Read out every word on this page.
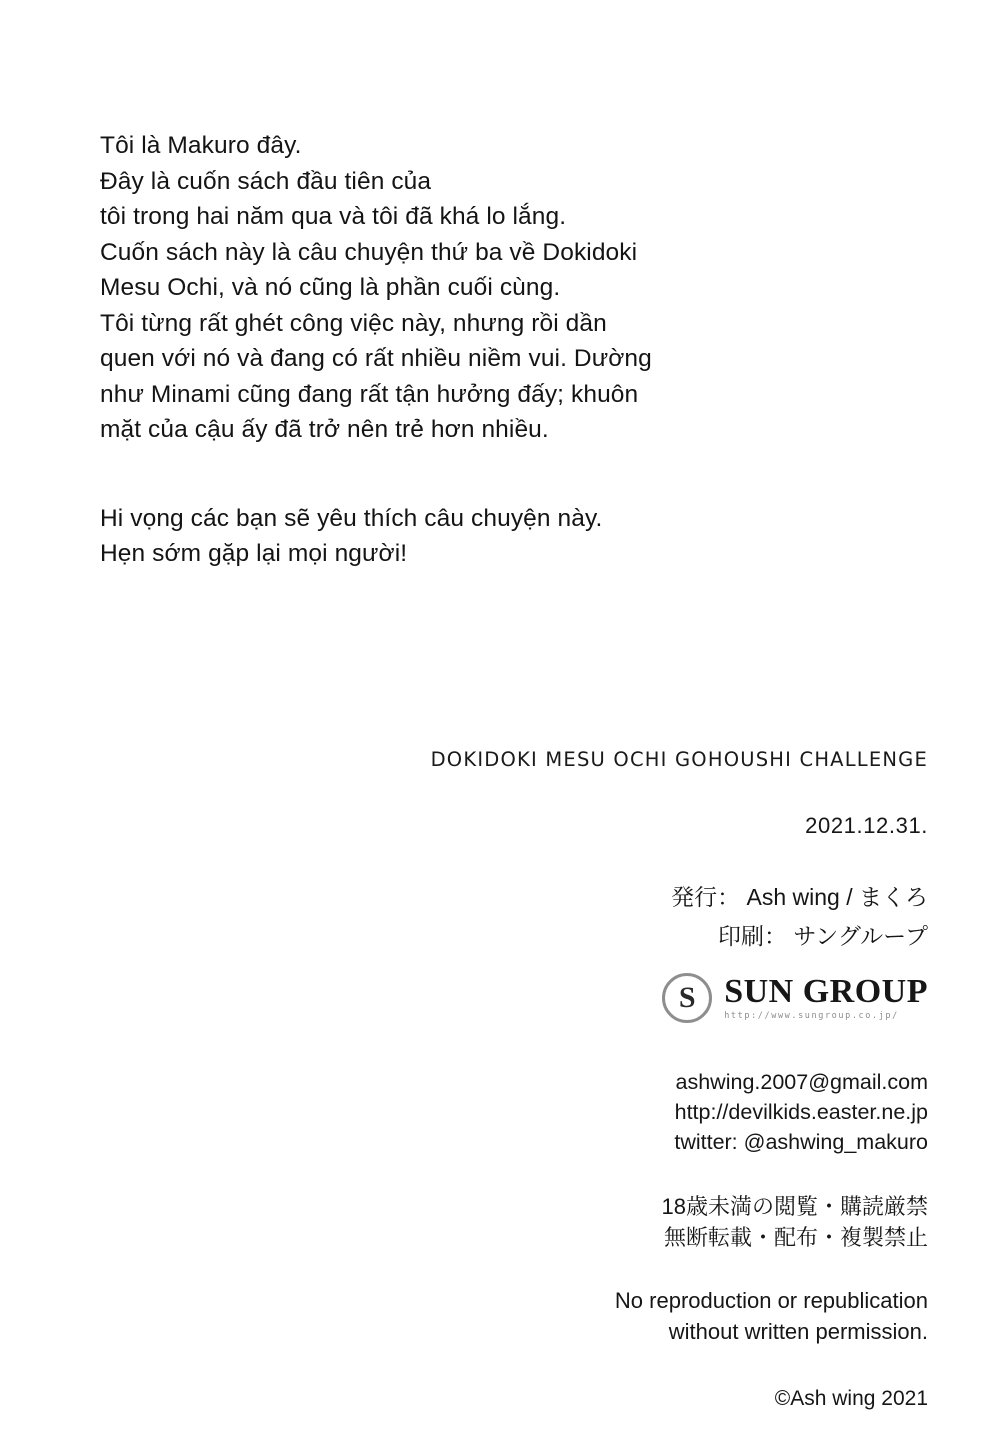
Tôi là Makuro đây.

Đây là cuốn sách đầu tiên của

tôi trong hai năm qua và tôi đã khá lo lắng.

Cuốn sách này là câu chuyện thứ ba về Dokidoki

Mesu Ochi, và nó cũng là phần cuối cùng.

Tôi từng rất ghét công việc này, nhưng rồi dần

quen với nó và đang có rất nhiều niềm vui. Dường

như Minami cũng đang rất tận hưởng đấy; khuôn

mặt của cậu ấy đã trở nên trẻ hơn nhiều.

Hi vọng các bạn sẽ yêu thích câu chuyện này.

Hẹn sớm gặp lại mọi người!

DOKIDOKI MESU OCHI GOHOUSHI CHALLENGE
2021.12.31.
発行： Ash wing / まくろ
印刷： サングループ
S
SUN GROUP
http://www.sungroup.co.jp/
ashwing.2007@gmail.com
http://devilkids.easter.ne.jp
twitter: @ashwing_makuro
18歳未満の閲覧・購読厳禁
無断転載・配布・複製禁止
No reproduction or republication
without written permission.
©Ash wing 2021
